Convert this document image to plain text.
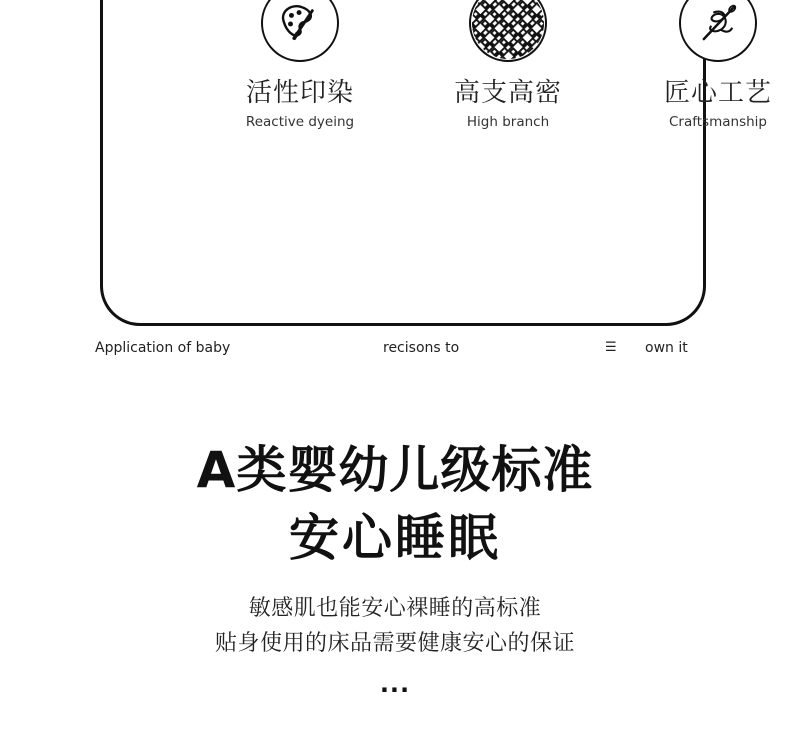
活性印染
Reactive dyeing
高支高密
High branch
匠心工艺
Craftsmanship
Application of baby	recisons to	☰ own it
A类婴幼儿级标准
安心睡眠
敏感肌也能安心裸睡的高标准
贴身使用的床品需要健康安心的保证
...
